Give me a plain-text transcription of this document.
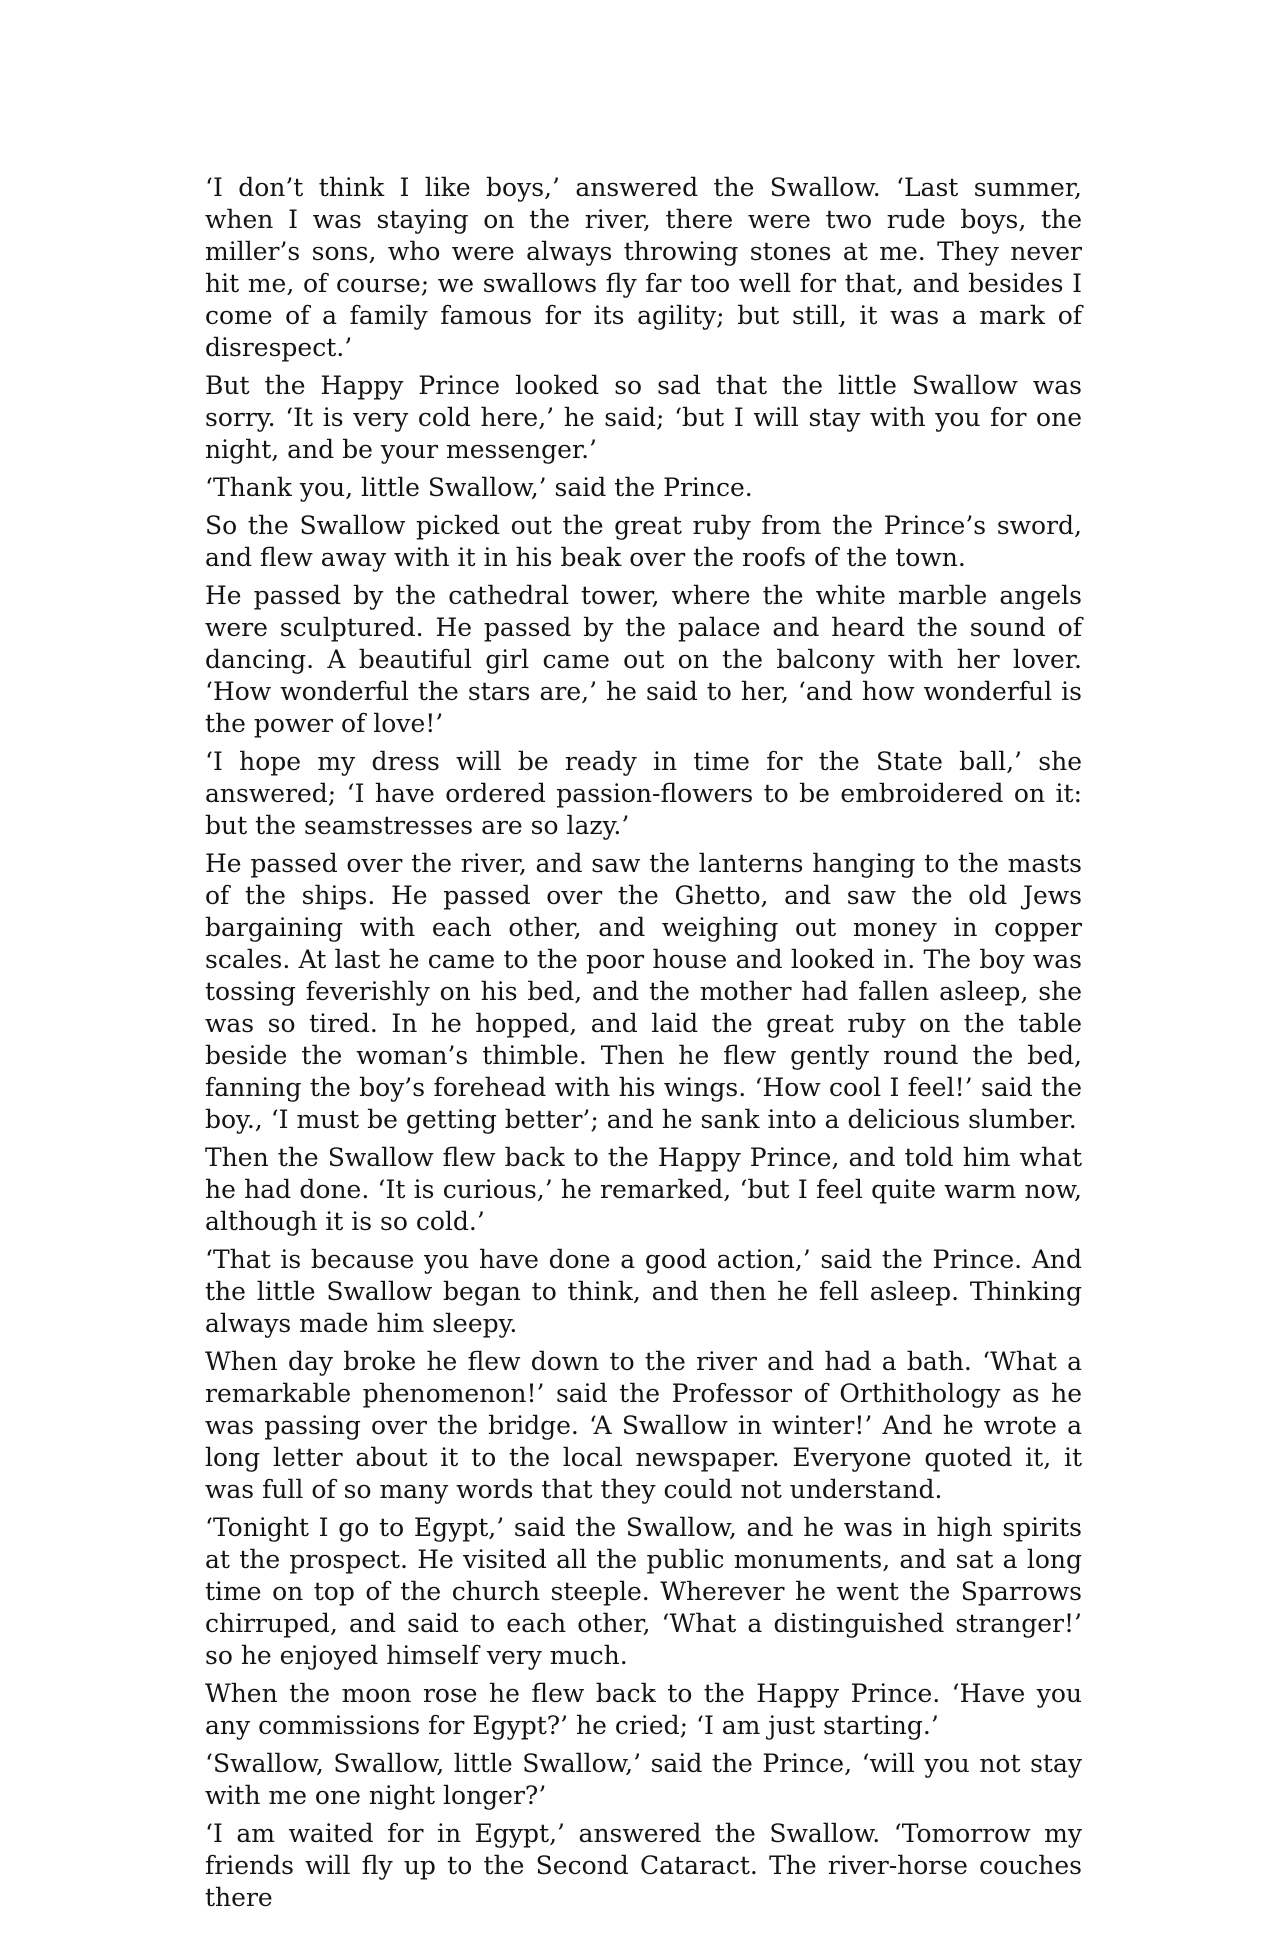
‘I don’t think I like boys,’ answered the Swallow. ‘Last summer, when I was staying on the river, there were two rude boys, the miller’s sons, who were always throwing stones at me. They never hit me, of course; we swallows fly far too well for that, and besides I come of a family famous for its agility; but still, it was a mark of disrespect.’

But the Happy Prince looked so sad that the little Swallow was sorry. ‘It is very cold here,’ he said; ‘but I will stay with you for one night, and be your messenger.’

‘Thank you, little Swallow,’ said the Prince.

So the Swallow picked out the great ruby from the Prince’s sword, and flew away with it in his beak over the roofs of the town.

He passed by the cathedral tower, where the white marble angels were sculptured. He passed by the palace and heard the sound of dancing. A beautiful girl came out on the balcony with her lover. ‘How wonderful the stars are,’ he said to her, ‘and how wonderful is the power of love!’

‘I hope my dress will be ready in time for the State ball,’ she answered; ‘I have ordered passion-flowers to be embroidered on it: but the seamstresses are so lazy.’

He passed over the river, and saw the lanterns hanging to the masts of the ships. He passed over the Ghetto, and saw the old Jews bargaining with each other, and weighing out money in copper scales. At last he came to the poor house and looked in. The boy was tossing feverishly on his bed, and the mother had fallen asleep, she was so tired. In he hopped, and laid the great ruby on the table beside the woman’s thimble. Then he flew gently round the bed, fanning the boy’s forehead with his wings. ‘How cool I feel!’ said the boy., ‘I must be getting better’; and he sank into a delicious slumber.

Then the Swallow flew back to the Happy Prince, and told him what he had done. ‘It is curious,’ he remarked, ‘but I feel quite warm now, although it is so cold.’

‘That is because you have done a good action,’ said the Prince. And the little Swallow began to think, and then he fell asleep. Thinking always made him sleepy.

When day broke he flew down to the river and had a bath. ‘What a remarkable phenomenon!’ said the Professor of Orthithology as he was passing over the bridge. ‘A Swallow in winter!’ And he wrote a long letter about it to the local newspaper. Everyone quoted it, it was full of so many words that they could not understand.

‘Tonight I go to Egypt,’ said the Swallow, and he was in high spirits at the prospect. He visited all the public monuments, and sat a long time on top of the church steeple. Wherever he went the Sparrows chirruped, and said to each other, ‘What a distinguished stranger!’ so he enjoyed himself very much.

When the moon rose he flew back to the Happy Prince. ‘Have you any commissions for Egypt?’ he cried; ‘I am just starting.’

‘Swallow, Swallow, little Swallow,’ said the Prince, ‘will you not stay with me one night longer?’

‘I am waited for in Egypt,’ answered the Swallow. ‘Tomorrow my friends will fly up to the Second Cataract. The river-horse couches there
